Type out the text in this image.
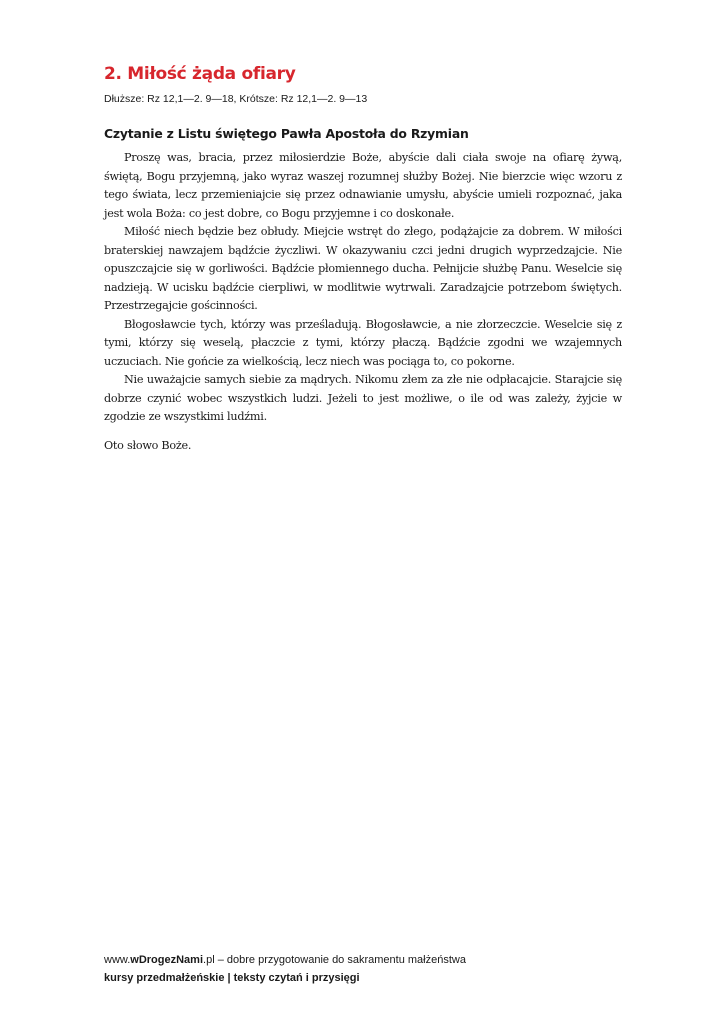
2. Miłość żąda ofiary
Dłuższe: Rz 12,1—2. 9—18, Krótsze: Rz 12,1—2. 9—13
Czytanie z Listu świętego Pawła Apostoła do Rzymian

Proszę was, bracia, przez miłosierdzie Boże, abyście dali ciała swoje na ofiarę żywą, świętą, Bogu przyjemną, jako wyraz waszej rozumnej służby Bożej. Nie bierzcie więc wzoru z tego świata, lecz przemieniajcie się przez odnawianie umysłu, abyście umieli rozpoznać, jaka jest wola Boża: co jest dobre, co Bogu przyjemne i co doskonałe.

Miłość niech będzie bez obłudy. Miejcie wstręt do złego, podążajcie za dobrem. W miłości braterskiej nawzajem bądźcie życzliwi. W okazywaniu czci jedni drugich wyprzedzajcie. Nie opuszczajcie się w gorliwości. Bądźcie płomiennego ducha. Pełnijcie służbę Panu. Weselcie się nadzieją. W ucisku bądźcie cierpliwi, w modlitwie wytrwali. Zaradzajcie potrzebom świętych. Przestrzegajcie gościnności.

Błogosławcie tych, którzy was prześladują. Błogosławcie, a nie złorzeczcie. Weselcie się z tymi, którzy się weselą, płaczcie z tymi, którzy płaczą. Bądźcie zgodni we wzajemnych uczuciach. Nie gońcie za wielkością, lecz niech was pociąga to, co pokorne.

Nie uważajcie samych siebie za mądrych. Nikomu złem za złe nie odpłacajcie. Starajcie się dobrze czynić wobec wszystkich ludzi. Jeżeli to jest możliwe, o ile od was zależy, żyjcie w zgodzie ze wszystkimi ludźmi.

Oto słowo Boże.
www.wDrogezNami.pl – dobre przygotowanie do sakramentu małżeństwa
kursy przedmałżeńskie | teksty czytań i przysięgi
